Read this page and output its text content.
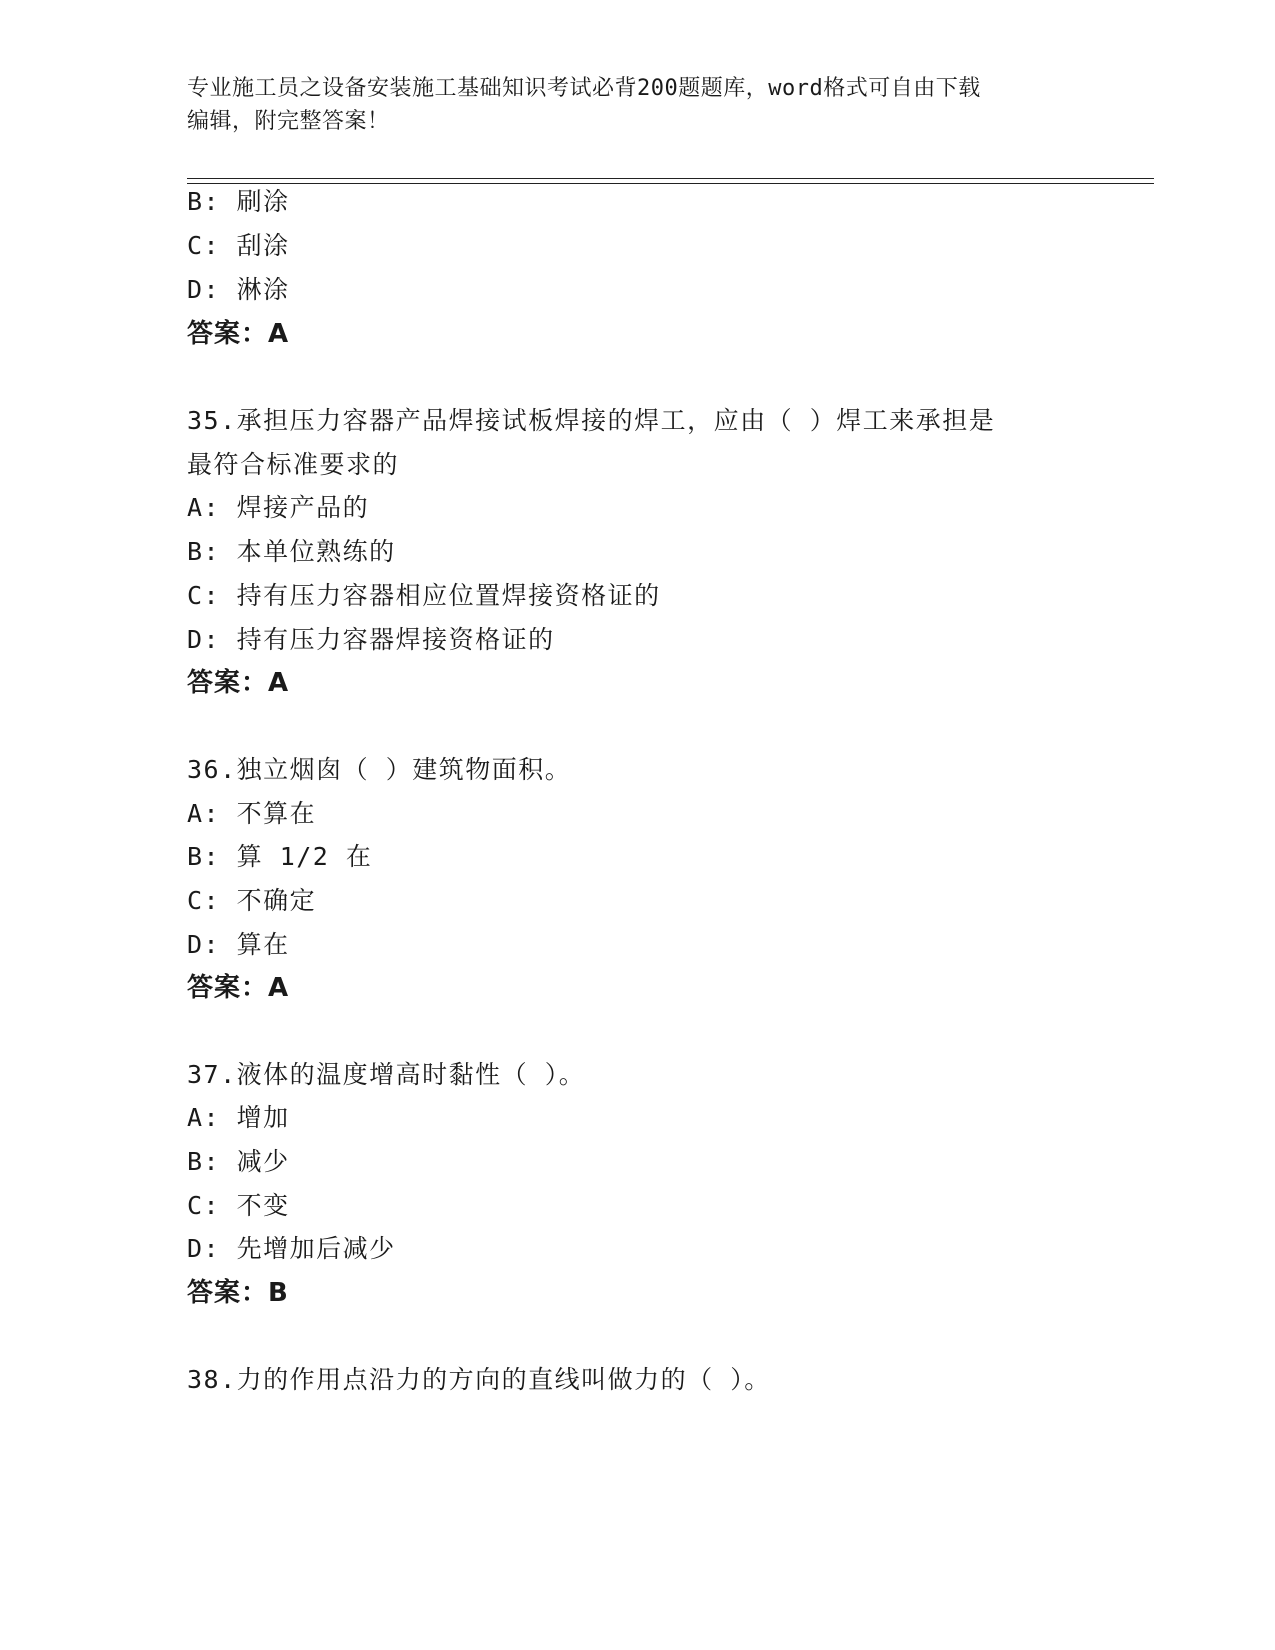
专业施工员之设备安装施工基础知识考试必背200题题库，word格式可自由下载
编辑，附完整答案！
B: 刷涂
C: 刮涂
D: 淋涂
答案：A
35.承担压力容器产品焊接试板焊接的焊工，应由（ ）焊工来承担是
最符合标准要求的
A: 焊接产品的
B: 本单位熟练的
C: 持有压力容器相应位置焊接资格证的
D: 持有压力容器焊接资格证的
答案：A
36.独立烟囱（ ）建筑物面积。
A: 不算在
B: 算 1/2 在
C: 不确定
D: 算在
答案：A
37.液体的温度增高时黏性（ ）。
A: 增加
B: 减少
C: 不变
D: 先增加后减少
答案：B
38.力的作用点沿力的方向的直线叫做力的（ ）。
